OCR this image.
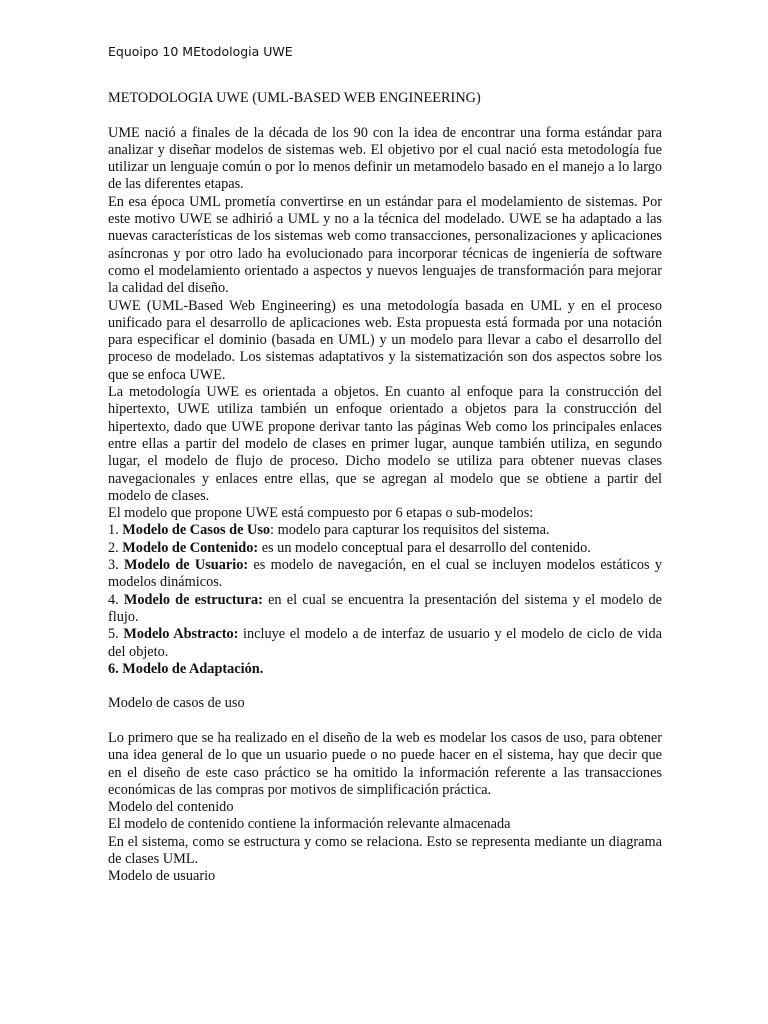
Equoipo 10 MEtodologia UWE

METODOLOGIA UWE (UML-BASED WEB ENGINEERING)

UME nació a finales de la década de los 90 con la idea de encontrar una forma estándar para analizar y diseñar modelos de sistemas web. El objetivo por el cual nació esta metodología fue utilizar un lenguaje común o por lo menos definir un metamodelo basado en el manejo a lo largo de las diferentes etapas.

En esa época UML prometía convertirse en un estándar para el modelamiento de sistemas. Por este motivo UWE se adhirió a UML y no a la técnica del modelado. UWE se ha adaptado a las nuevas características de los sistemas web como transacciones, personalizaciones y aplicaciones asíncronas y por otro lado ha evolucionado para incorporar técnicas de ingeniería de software como el modelamiento orientado a aspectos y nuevos lenguajes de transformación para mejorar la calidad del diseño.

UWE (UML-Based Web Engineering) es una metodología basada en UML y en el proceso unificado para el desarrollo de aplicaciones web. Esta propuesta está formada por una notación para especificar el dominio (basada en UML) y un modelo para llevar a cabo el desarrollo del proceso de modelado. Los sistemas adaptativos y la sistematización son dos aspectos sobre los que se enfoca UWE.

La metodología UWE es orientada a objetos. En cuanto al enfoque para la construcción del hipertexto, UWE utiliza también un enfoque orientado a objetos para la construcción del hipertexto, dado que UWE propone derivar tanto las páginas Web como los principales enlaces entre ellas a partir del modelo de clases en primer lugar, aunque también utiliza, en segundo lugar, el modelo de flujo de proceso. Dicho modelo se utiliza para obtener nuevas clases navegacionales y enlaces entre ellas, que se agregan al modelo que se obtiene a partir del modelo de clases.

El modelo que propone UWE está compuesto por 6 etapas o sub-modelos:

1. Modelo de Casos de Uso: modelo para capturar los requisitos del sistema.

2. Modelo de Contenido: es un modelo conceptual para el desarrollo del contenido.

3. Modelo de Usuario: es modelo de navegación, en el cual se incluyen modelos estáticos y modelos dinámicos.

4. Modelo de estructura: en el cual se encuentra la presentación del sistema y el modelo de flujo.

5. Modelo Abstracto: incluye el modelo a de interfaz de usuario y el modelo de ciclo de vida del objeto.

6. Modelo de Adaptación.

Modelo de casos de uso

Lo primero que se ha realizado en el diseño de la web es modelar los casos de uso, para obtener una idea general de lo que un usuario puede o no puede hacer en el sistema, hay que decir que en el diseño de este caso práctico se ha omitido la información referente a las transacciones económicas de las compras por motivos de simplificación práctica.

Modelo del contenido

El modelo de contenido contiene la información relevante almacenada

En el sistema, como se estructura y como se relaciona. Esto se representa mediante un diagrama de clases UML.

Modelo de usuario
